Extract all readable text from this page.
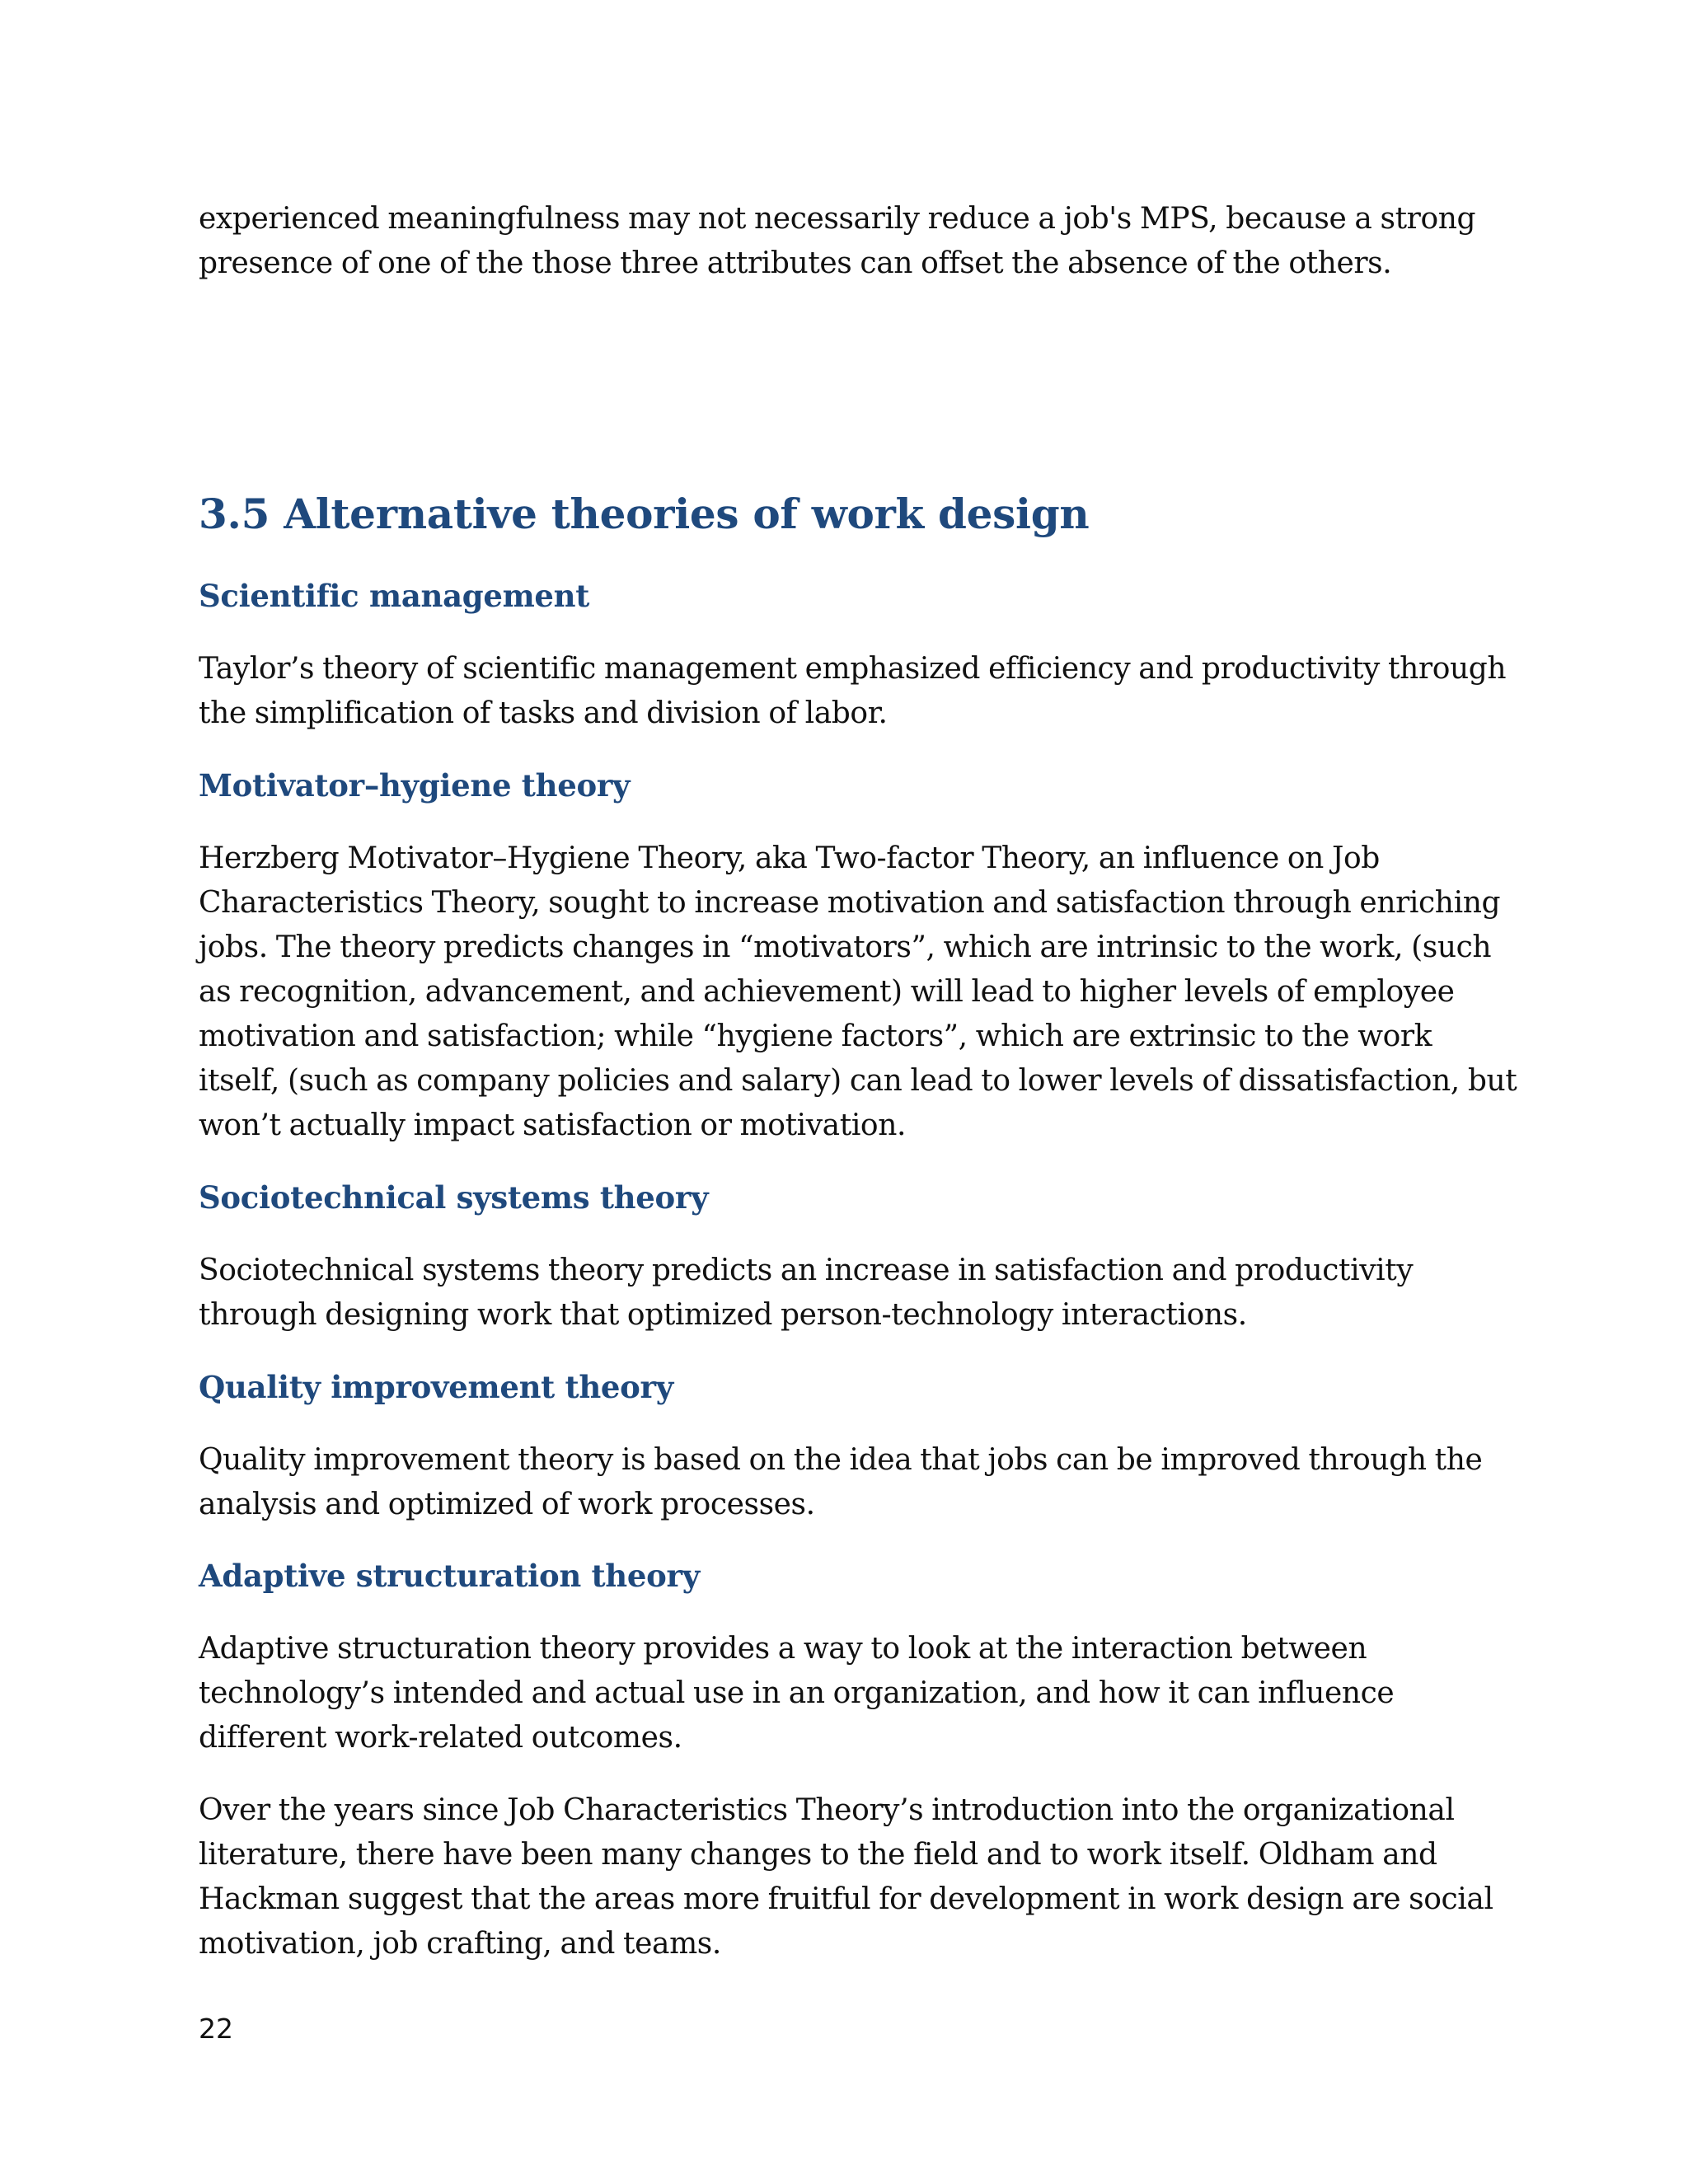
experienced meaningfulness may not necessarily reduce a job's MPS, because a strong presence of one of the those three attributes can offset the absence of the others.

3.5 Alternative theories of work design
Scientific management

Taylor’s theory of scientific management emphasized efficiency and productivity through the simplification of tasks and division of labor.

Motivator–hygiene theory

Herzberg Motivator–Hygiene Theory, aka Two-factor Theory, an influence on Job Characteristics Theory, sought to increase motivation and satisfaction through enriching jobs. The theory predicts changes in “motivators”, which are intrinsic to the work, (such as recognition, advancement, and achievement) will lead to higher levels of employee motivation and satisfaction; while “hygiene factors”, which are extrinsic to the work itself, (such as company policies and salary) can lead to lower levels of dissatisfaction, but won’t actually impact satisfaction or motivation.

Sociotechnical systems theory

Sociotechnical systems theory predicts an increase in satisfaction and productivity through designing work that optimized person-technology interactions.

Quality improvement theory

Quality improvement theory is based on the idea that jobs can be improved through the analysis and optimized of work processes.

Adaptive structuration theory

Adaptive structuration theory provides a way to look at the interaction between technology’s intended and actual use in an organization, and how it can influence different work-related outcomes.

Over the years since Job Characteristics Theory’s introduction into the organizational literature, there have been many changes to the field and to work itself. Oldham and Hackman suggest that the areas more fruitful for development in work design are social motivation, job crafting, and teams.

22
